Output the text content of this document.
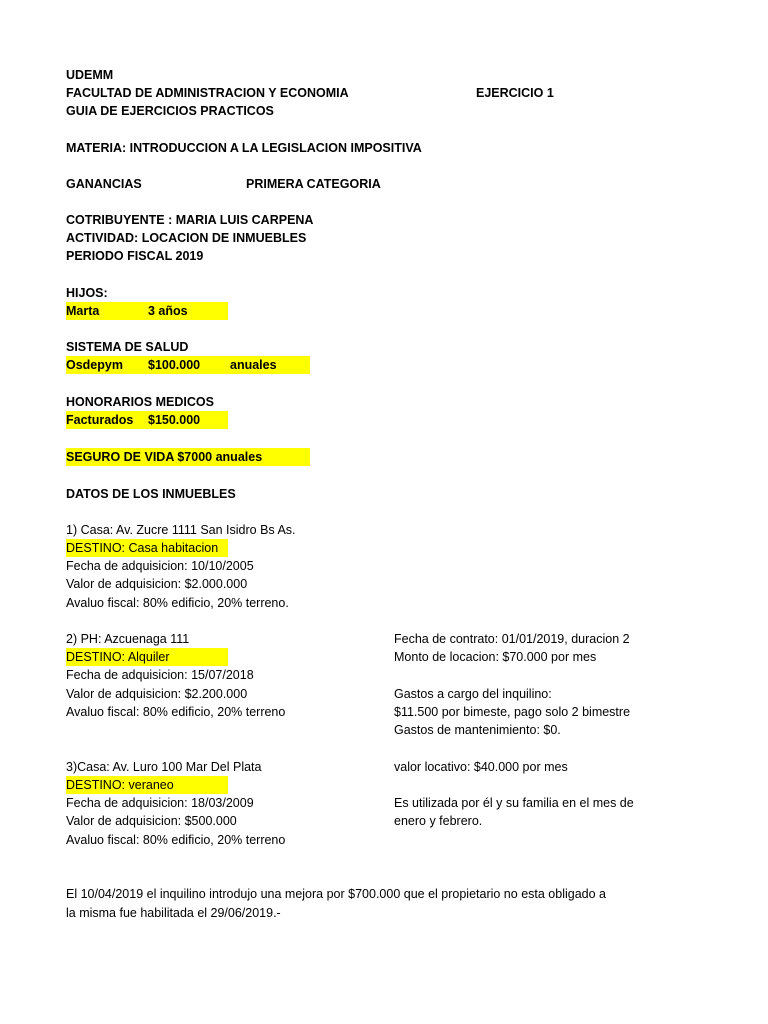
UDEMM
FACULTAD DE ADMINISTRACION Y ECONOMIA	EJERCICIO 1
GUIA DE EJERCICIOS PRACTICOS
MATERIA: INTRODUCCION A LA LEGISLACION IMPOSITIVA
GANANCIAS	PRIMERA CATEGORIA
COTRIBUYENTE : MARIA LUIS CARPENA
ACTIVIDAD: LOCACION DE INMUEBLES
PERIODO FISCAL 2019
HIJOS:
Marta	3 años
SISTEMA DE SALUD
Osdepym $100.000 anuales
HONORARIOS MEDICOS
Facturados $150.000
SEGURO DE VIDA $7000 anuales
DATOS DE LOS INMUEBLES
1) Casa: Av. Zucre 1111 San Isidro Bs As.
DESTINO: Casa habitacion
Fecha de adquisicion: 10/10/2005
Valor de adquisicion: $2.000.000
Avaluo fiscal: 80% edificio, 20% terreno.
2) PH: Azcuenaga 111
DESTINO: Alquiler
Fecha de adquisicion: 15/07/2018
Valor de adquisicion: $2.200.000
Avaluo fiscal: 80% edificio, 20% terreno
Fecha de contrato: 01/01/2019, duracion 2
Monto de locacion: $70.000 por mes
Gastos a cargo del inquilino:
$11.500 por bimeste, pago solo 2 bimestre
Gastos de mantenimiento: $0.
3)Casa: Av. Luro 100 Mar Del Plata
DESTINO: veraneo
Fecha de adquisicion: 18/03/2009
Valor de adquisicion: $500.000
Avaluo fiscal: 80% edificio, 20% terreno
valor locativo: $40.000 por mes
Es utilizada por él y su familia en el mes de
enero y febrero.
El 10/04/2019 el inquilino introdujo una mejora por $700.000 que el propietario no esta obligado a
la misma fue habilitada el 29/06/2019.-
